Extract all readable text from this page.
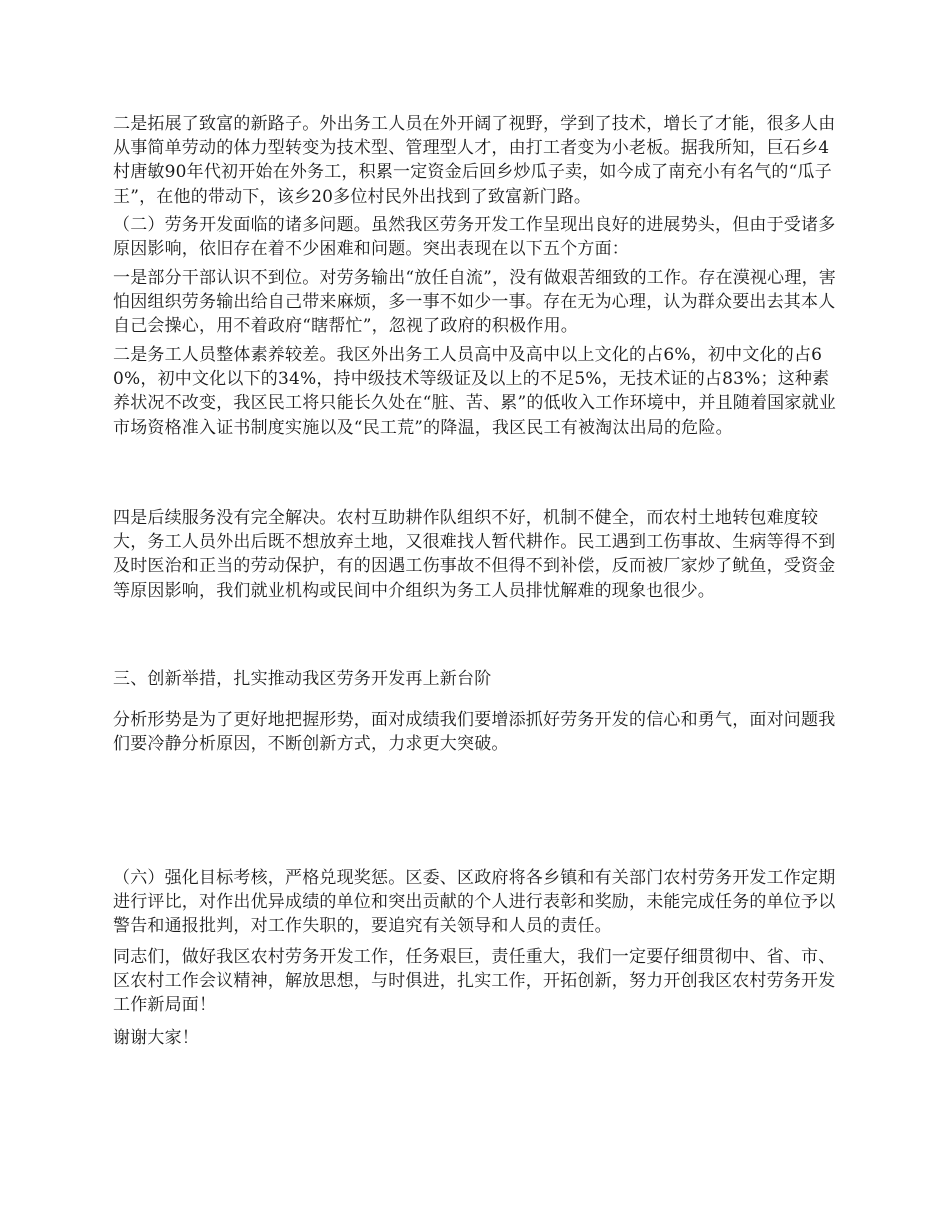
二是拓展了致富的新路子。外出务工人员在外开阔了视野，学到了技术，增长了才能，很多人由从事简单劳动的体力型转变为技术型、管理型人才，由打工者变为小老板。据我所知，巨石乡4村唐敏90年代初开始在外务工，积累一定资金后回乡炒瓜子卖，如今成了南充小有名气的“瓜子王”，在他的带动下，该乡20多位村民外出找到了致富新门路。

（二）劳务开发面临的诸多问题。虽然我区劳务开发工作呈现出良好的进展势头，但由于受诸多原因影响，依旧存在着不少困难和问题。突出表现在以下五个方面：

一是部分干部认识不到位。对劳务输出“放任自流”，没有做艰苦细致的工作。存在漠视心理，害怕因组织劳务输出给自己带来麻烦，多一事不如少一事。存在无为心理，认为群众要出去其本人自己会操心，用不着政府“瞎帮忙”，忽视了政府的积极作用。

二是务工人员整体素养较差。我区外出务工人员高中及高中以上文化的占6%，初中文化的占60%，初中文化以下的34%，持中级技术等级证及以上的不足5%，无技术证的占83%；这种素养状况不改变，我区民工将只能长久处在“脏、苦、累”的低收入工作环境中，并且随着国家就业市场资格准入证书制度实施以及“民工荒”的降温，我区民工有被淘汰出局的危险。

四是后续服务没有完全解决。农村互助耕作队组织不好，机制不健全，而农村土地转包难度较大，务工人员外出后既不想放弃土地，又很难找人暂代耕作。民工遇到工伤事故、生病等得不到及时医治和正当的劳动保护，有的因遇工伤事故不但得不到补偿，反而被厂家炒了鱿鱼，受资金等原因影响，我们就业机构或民间中介组织为务工人员排忧解难的现象也很少。

三、创新举措，扎实推动我区劳务开发再上新台阶

分析形势是为了更好地把握形势，面对成绩我们要增添抓好劳务开发的信心和勇气，面对问题我们要冷静分析原因，不断创新方式，力求更大突破。

（六）强化目标考核，严格兑现奖惩。区委、区政府将各乡镇和有关部门农村劳务开发工作定期进行评比，对作出优异成绩的单位和突出贡献的个人进行表彰和奖励，未能完成任务的单位予以警告和通报批判，对工作失职的，要追究有关领导和人员的责任。

同志们，做好我区农村劳务开发工作，任务艰巨，责任重大，我们一定要仔细贯彻中、省、市、区农村工作会议精神，解放思想，与时俱进，扎实工作，开拓创新，努力开创我区农村劳务开发工作新局面！

谢谢大家！
